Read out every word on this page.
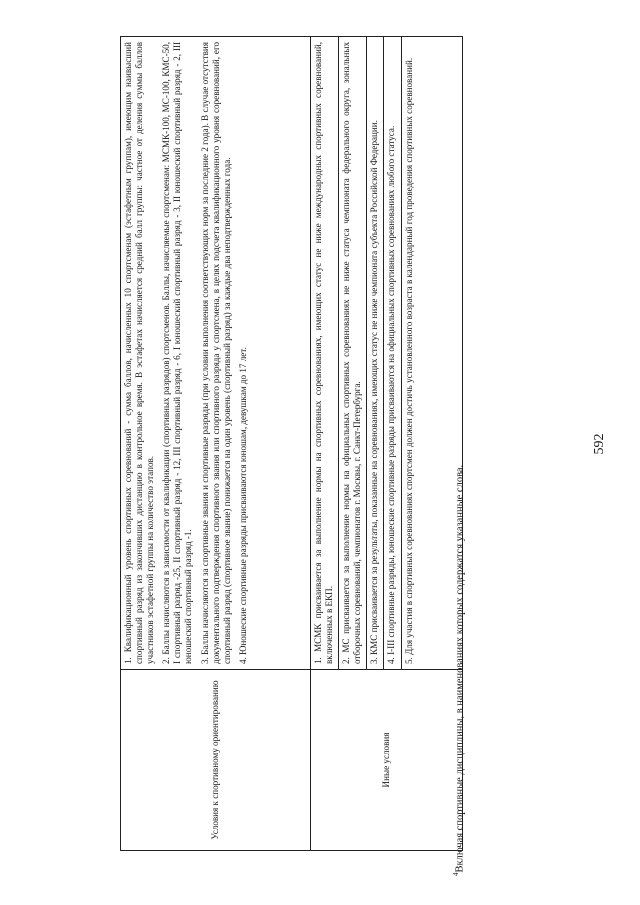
592
Условия к спортивному ориентированию	1. Квалификационный уровень спортивных соревнований - сумма баллов, начисленных 10 спортсменам (эстафетным группам), имеющим наивысший спортивный разряд из закончивших дистанцию в контрольное время. В эстафетах начисляется средний балл группы: частное от деления суммы баллов участников эстафетной группы на количество этапов. 2. Баллы начисляются в зависимости от квалификации (спортивных разрядов) спортсменов. Баллы, начисляемые спортсменам: МСМК-100, МС-100, КМС-50, I спортивный разряд -25, II спортивный разряд - 12, III спортивный разряд - 6, I юношеский спортивный разряд - 3, II юношеский спортивный разряд - 2, III юношеский спортивный разряд -1. 3. Баллы начисляются за спортивные звания и спортивные разряды (при условии выполнения соответствующих норм за последние 2 года). В случае отсутствия документального подтверждения спортивного звания или спортивного разряда у спортсмена, в целях подсчета квалификационного уровня соревнований, его спортивный разряд (спортивное звание) понижается на один уровень (спортивный разряд) за каждые два неподтвержденных года. 4. Юношеские спортивные разряды присваиваются юношам, девушкам до 17 лет.

Иные условия	1. МСМК присваивается за выполнение нормы на спортивных соревнованиях, имеющих статус не ниже международных спортивных соревнований, включенных в ЕКП. 2. МС присваивается за выполнение нормы на официальных спортивных соревнованиях не ниже статуса чемпионата федерального округа, зональных отборочных соревнований, чемпионатов г. Москвы, г. Санкт-Петербурга. 3. КМС присваивается за результаты, показанные на соревнованиях, имеющих статус не ниже чемпионата субъекта Российской Федерации. 4. I-III спортивные разряды, юношеские спортивные разряды присваиваются на официальных спортивных соревнованиях любого статуса. 5. Для участия в спортивных соревнованиях спортсмен должен достичь установленного возраста в календарный год проведения спортивных соревнований.
$^4$Включая спортивные дисциплины, в наименованиях которых содержатся указанные слова.
